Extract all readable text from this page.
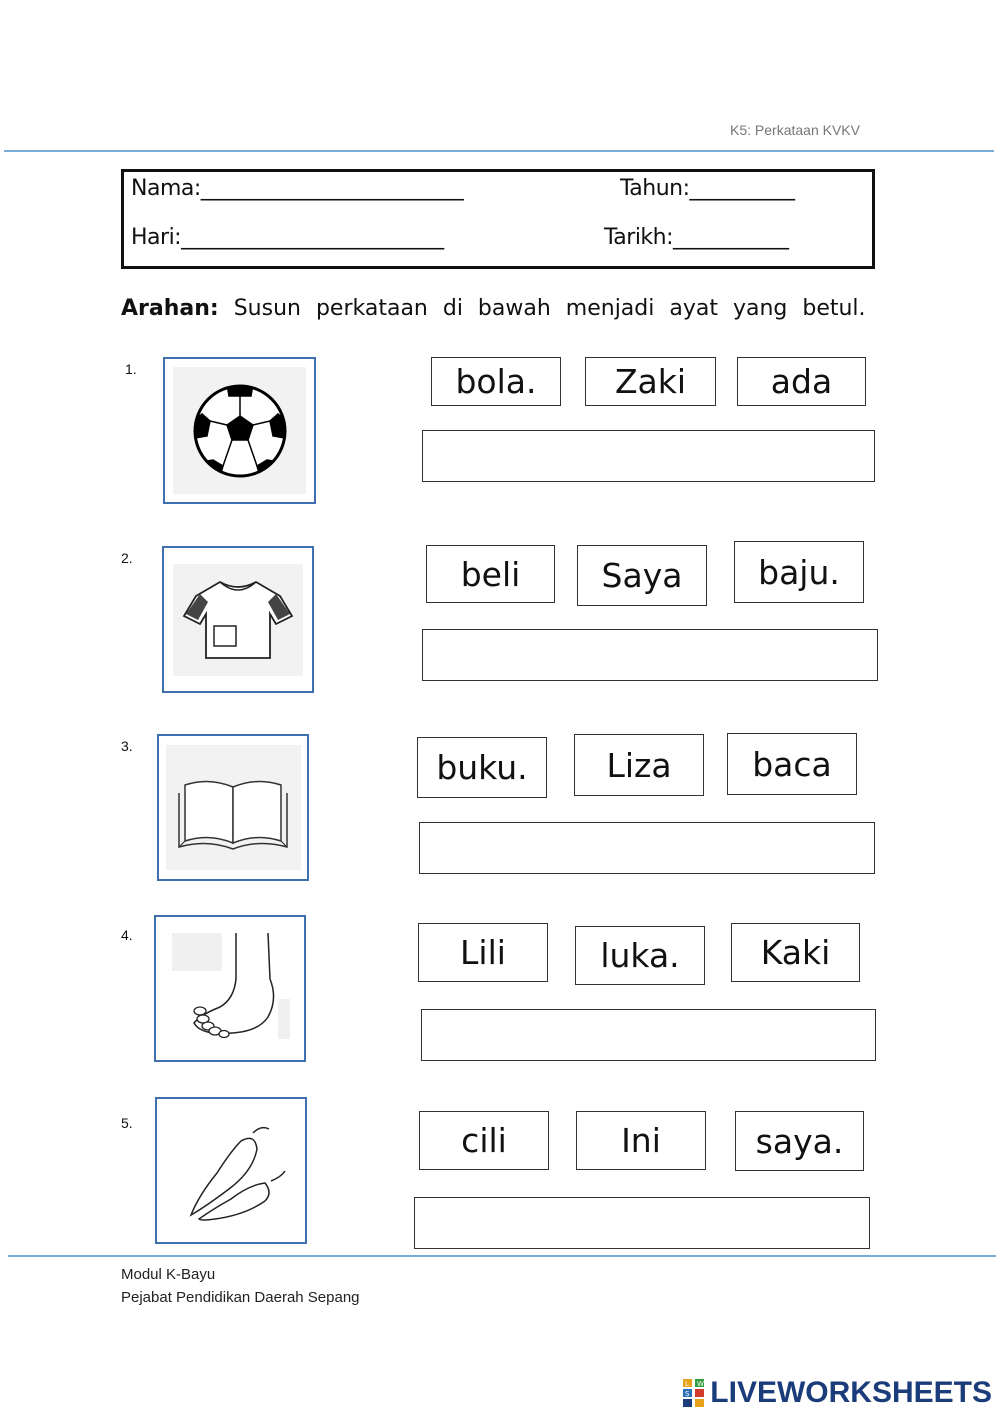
K5: Perkataan KVKV
Nama:_________________________	Tahun:__________
Hari:_________________________	Tarikh:___________
Arahan: Susun perkataan di bawah menjadi ayat yang betul.
1.	bola.	Zaki	ada
2.	beli	Saya	baju.
3.
buku.	Liza	baca
4.	Lili	luka.	Kaki
5.	cili	Ini	saya.
Modul K-Bayu
Pejabat Pendidikan Daerah Sepang
L W
S LIVEWORKSHEETS
